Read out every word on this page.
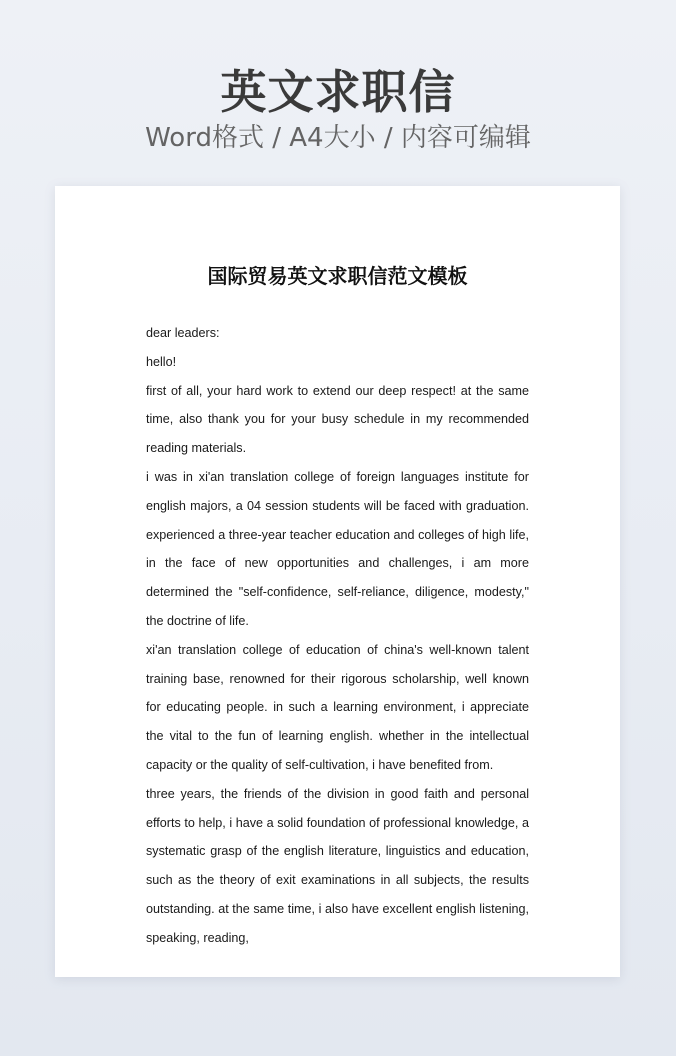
英文求职信
Word格式 / A4大小 / 内容可编辑
国际贸易英文求职信范文模板

dear leaders:

hello!

first of all, your hard work to extend our deep respect! at the same time, also thank you for your busy schedule in my recommended reading materials.

i was in xi'an translation college of foreign languages institute for english majors, a 04 session students will be faced with graduation. experienced a three-year teacher education and colleges of high life, in the face of new opportunities and challenges, i am more determined the "self-confidence, self-reliance, diligence, modesty," the doctrine of life.

xi'an translation college of education of china's well-known talent training base, renowned for their rigorous scholarship, well known for educating people. in such a learning environment, i appreciate the vital to the fun of learning english. whether in the intellectual capacity or the quality of self-cultivation, i have benefited from.

three years, the friends of the division in good faith and personal efforts to help, i have a solid foundation of professional knowledge, a systematic grasp of the english literature, linguistics and education, such as the theory of exit examinations in all subjects, the results outstanding. at the same time, i also have excellent english listening, speaking, reading,
